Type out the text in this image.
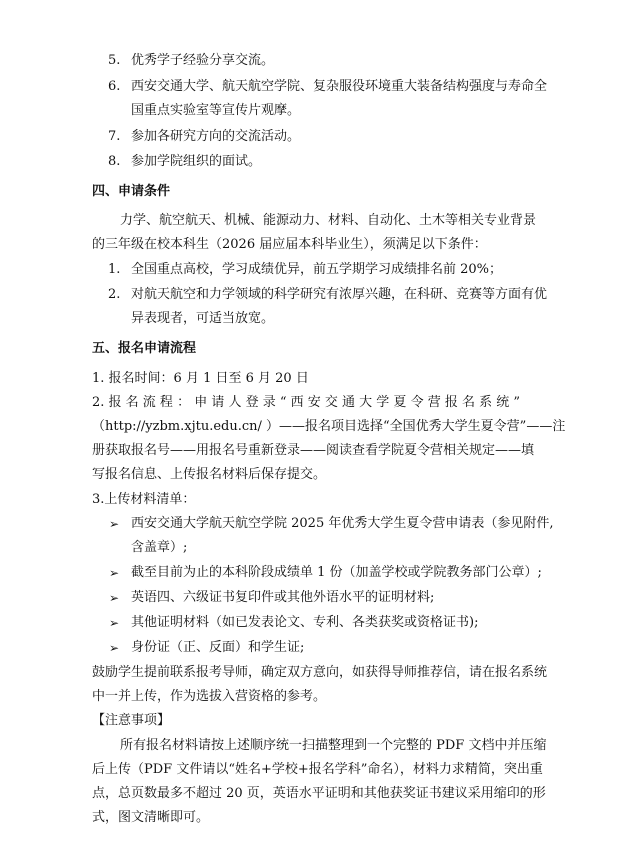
5. 优秀学子经验分享交流。
6. 西安交通大学、航天航空学院、复杂服役环境重大装备结构强度与寿命全
国重点实验室等宣传片观摩。
7. 参加各研究方向的交流活动。
8. 参加学院组织的面试。
四、申请条件
力学、航空航天、机械、能源动力、材料、自动化、土木等相关专业背景
的三年级在校本科生（2026 届应届本科毕业生），须满足以下条件：
1. 全国重点高校，学习成绩优异，前五学期学习成绩排名前 20%；
2. 对航天航空和力学领域的科学研究有浓厚兴趣，在科研、竞赛等方面有优
异表现者，可适当放宽。
五、报名申请流程
1. 报名时间：6 月 1 日至 6 月 20 日
2. 报 名 流 程 ： 申 请 人 登 录 “ 西 安 交 通 大 学 夏 令 营 报 名 系 统 ”
（http://yzbm.xjtu.edu.cn/ ）——报名项目选择“全国优秀大学生夏令营”——注
册获取报名号——用报名号重新登录——阅读查看学院夏令营相关规定——填
写报名信息、上传报名材料后保存提交。
3.上传材料清单：
➢ 西安交通大学航天航空学院 2025 年优秀大学生夏令营申请表（参见附件,
含盖章）;
➢ 截至目前为止的本科阶段成绩单 1 份（加盖学校或学院教务部门公章）;
➢ 英语四、六级证书复印件或其他外语水平的证明材料;
➢ 其他证明材料（如已发表论文、专利、各类获奖或资格证书);
➢ 身份证（正、反面）和学生证;
鼓励学生提前联系报考导师，确定双方意向，如获得导师推荐信，请在报名系统
中一并上传，作为选拔入营资格的参考。
【注意事项】
所有报名材料请按上述顺序统一扫描整理到一个完整的 PDF 文档中并压缩
后上传（PDF 文件请以“姓名+学校+报名学科”命名），材料力求精简，突出重
点，总页数最多不超过 20 页，英语水平证明和其他获奖证书建议采用缩印的形
式，图文清晰即可。
